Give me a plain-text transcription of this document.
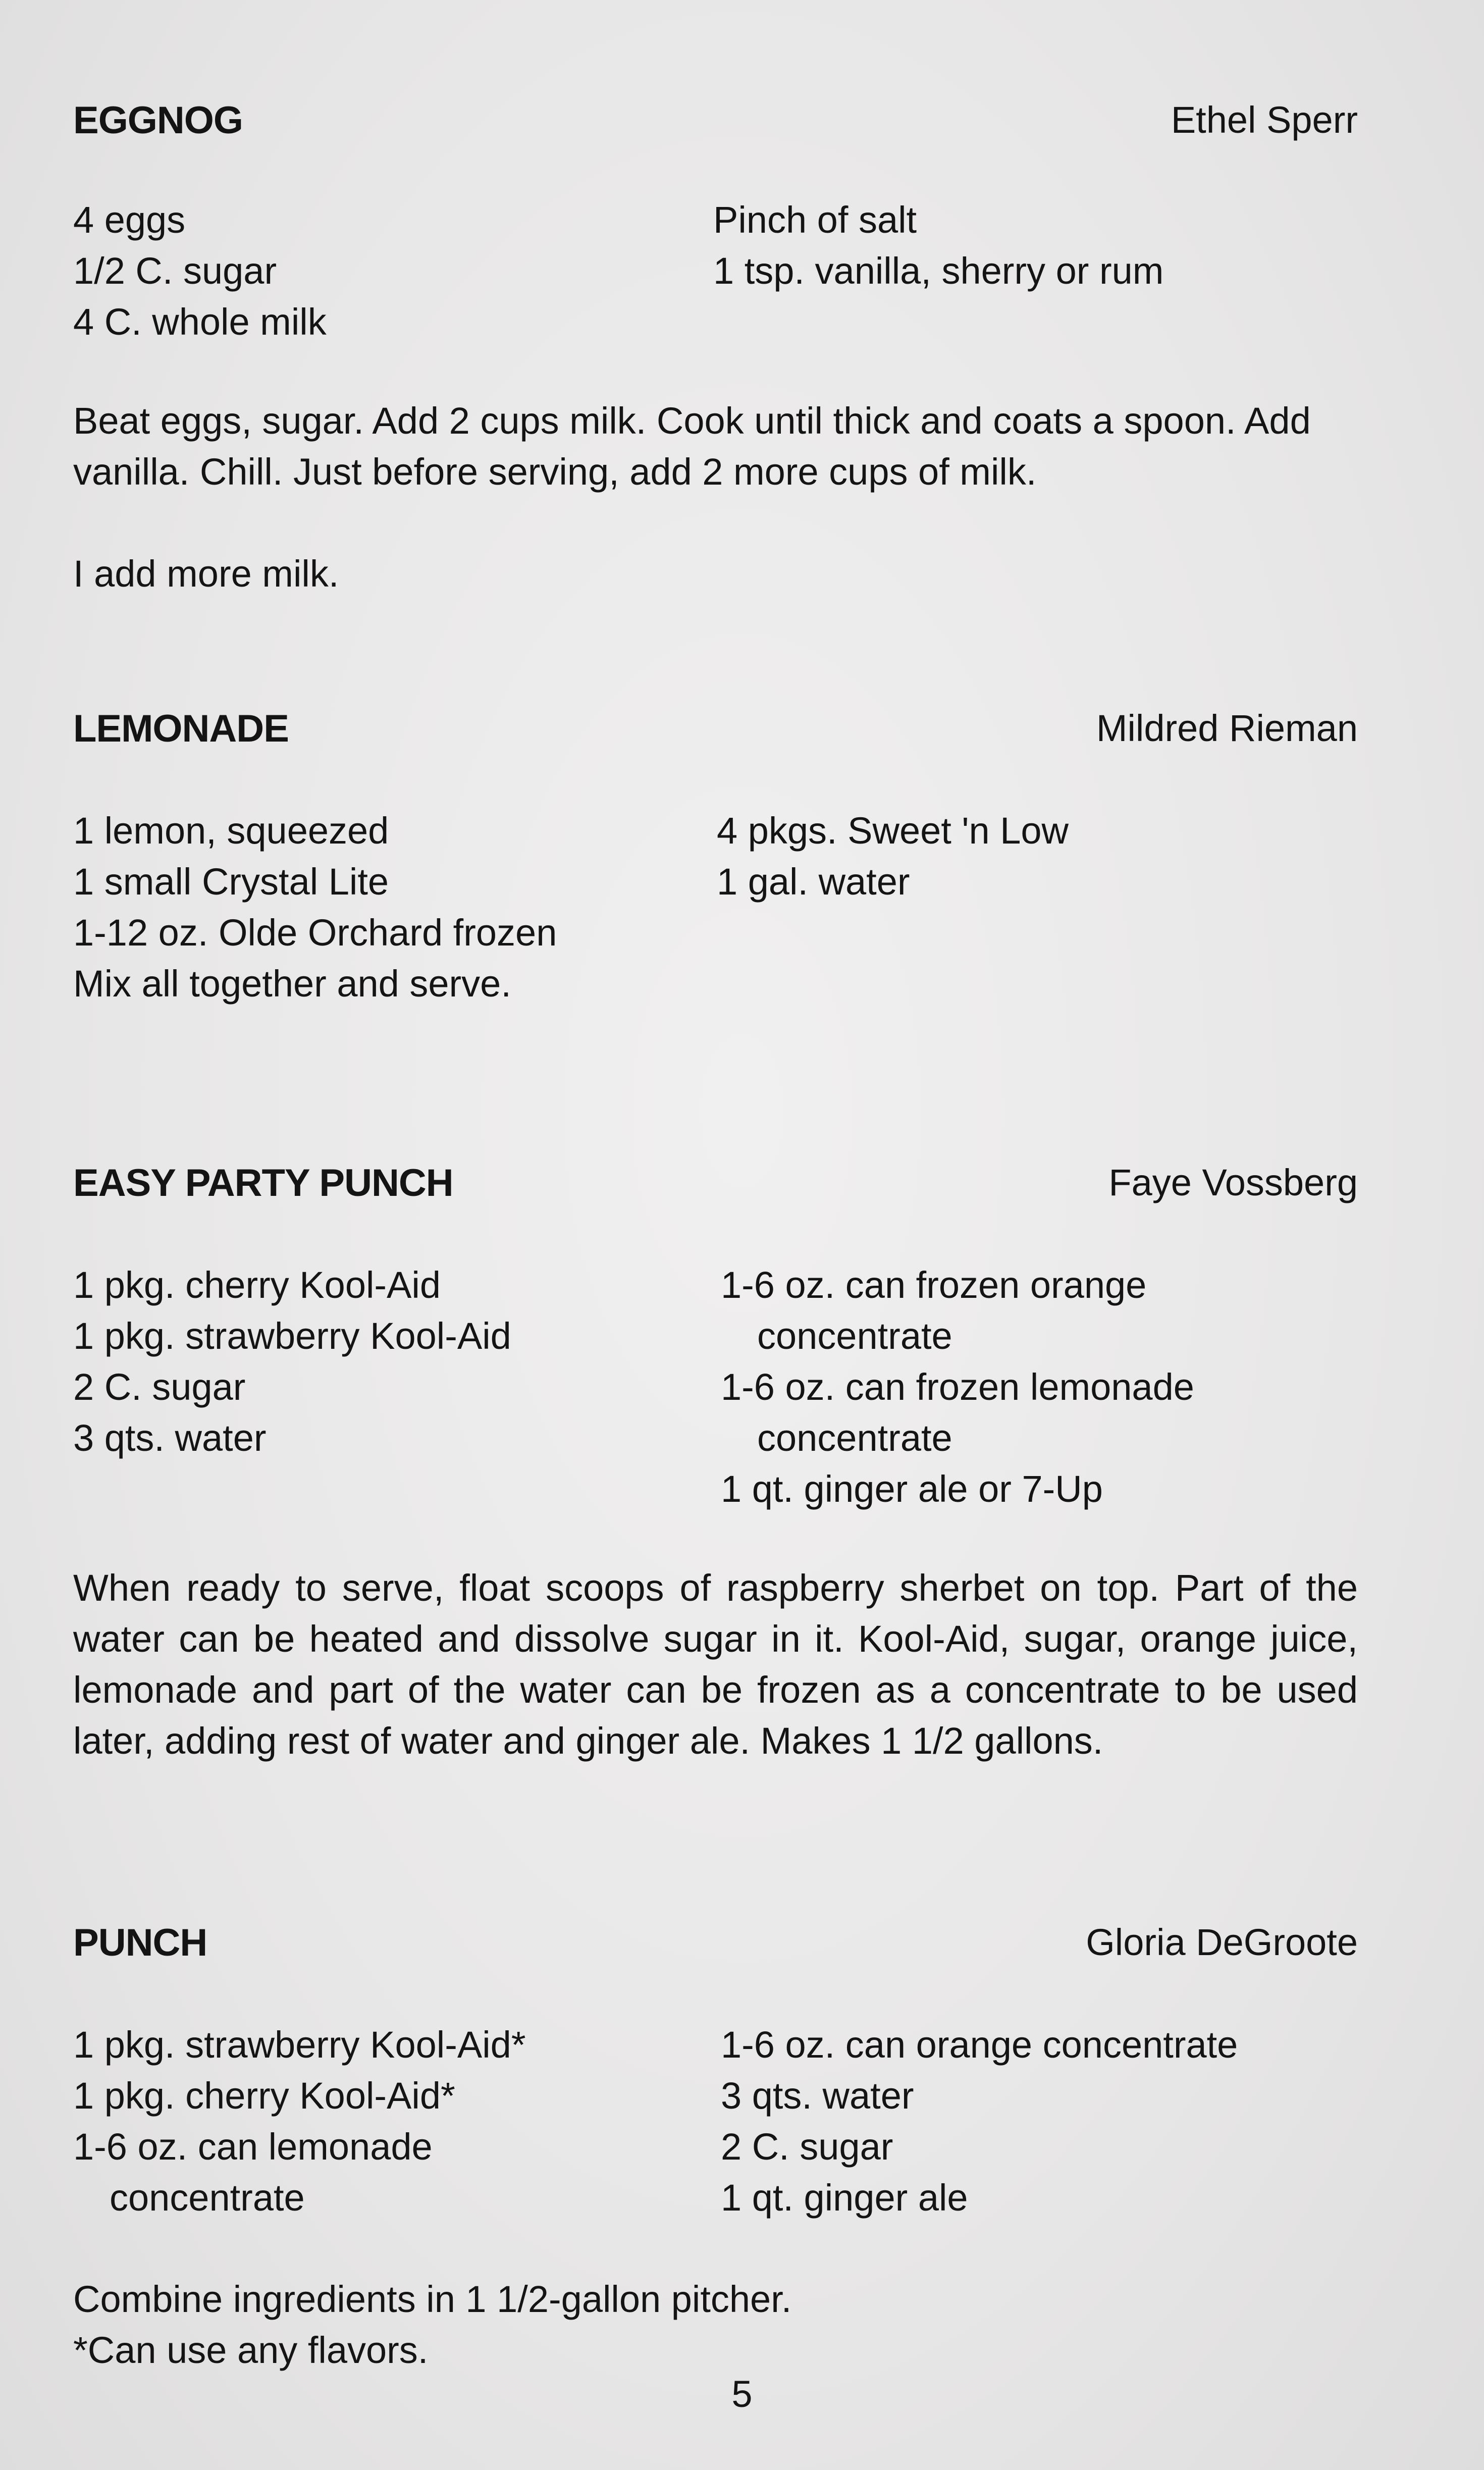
EGGNOG	Ethel Sperr
4 eggs
1/2 C. sugar
4 C. whole milk
Pinch of salt
1 tsp. vanilla, sherry or rum
Beat eggs, sugar. Add 2 cups milk. Cook until thick and coats a spoon. Add vanilla. Chill. Just before serving, add 2 more cups of milk.
I add more milk.
LEMONADE	Mildred Rieman
1 lemon, squeezed
1 small Crystal Lite
1-12 oz. Olde Orchard frozen
4 pkgs. Sweet 'n Low
1 gal. water
Mix all together and serve.
EASY PARTY PUNCH	Faye Vossberg
1 pkg. cherry Kool-Aid
1 pkg. strawberry Kool-Aid
2 C. sugar
3 qts. water
1-6 oz. can frozen orange
concentrate
1-6 oz. can frozen lemonade
concentrate
1 qt. ginger ale or 7-Up
When ready to serve, float scoops of raspberry sherbet on top. Part of the water can be heated and dissolve sugar in it. Kool-Aid, sugar, orange juice, lemonade and part of the water can be frozen as a concentrate to be used later, adding rest of water and ginger ale. Makes 1 1/2 gallons.
PUNCH	Gloria DeGroote
1 pkg. strawberry Kool-Aid*
1 pkg. cherry Kool-Aid*
1-6 oz. can lemonade
concentrate
1-6 oz. can orange concentrate
3 qts. water
2 C. sugar
1 qt. ginger ale
Combine ingredients in 1 1/2-gallon pitcher.
*Can use any flavors.
5
